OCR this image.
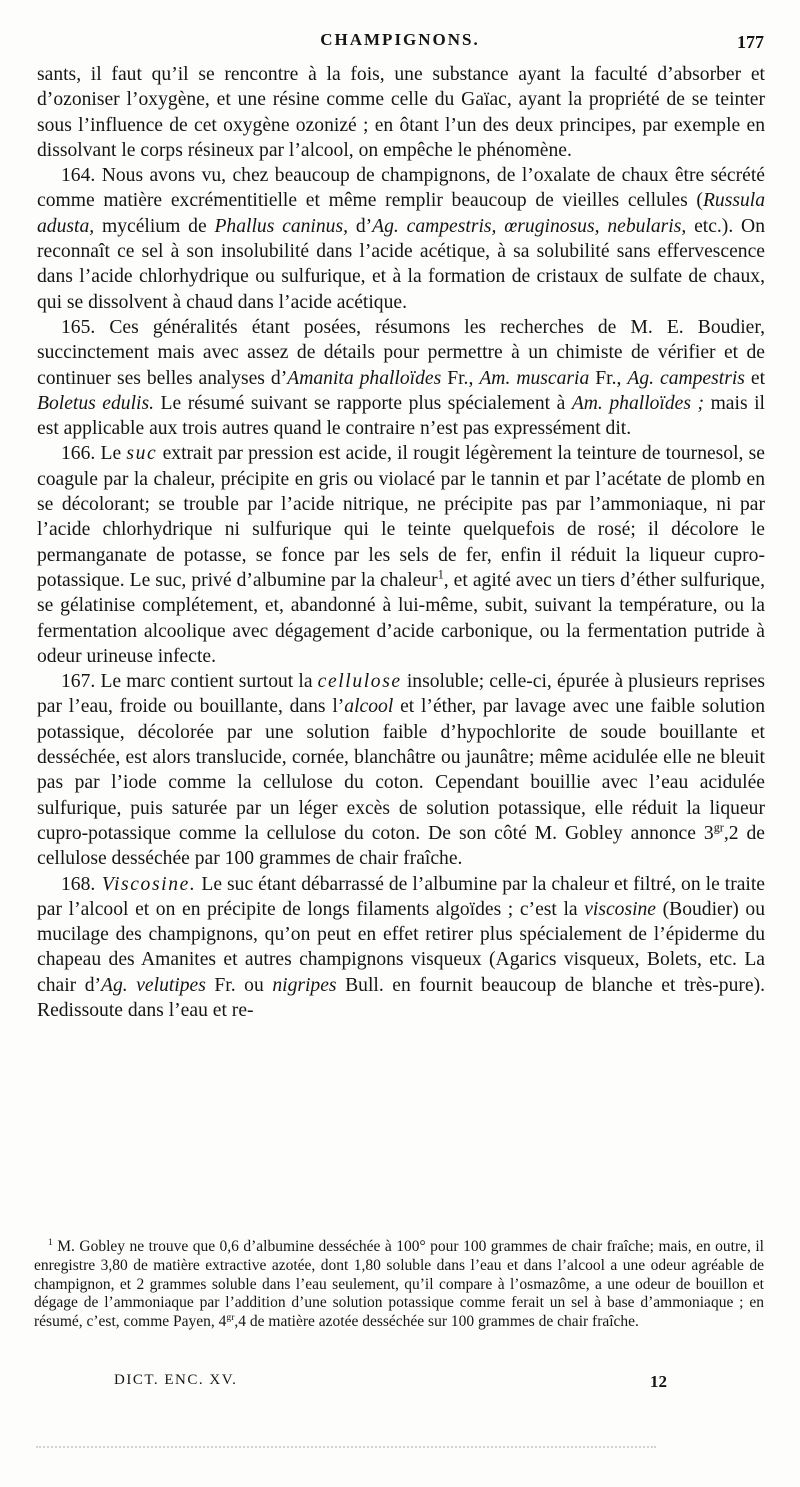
CHAMPIGNONS.	177

sants, il faut qu’il se rencontre à la fois, une substance ayant la faculté d’absorber et d’ozoniser l’oxygène, et une résine comme celle du Gaïac, ayant la propriété de se teinter sous l’influence de cet oxygène ozonizé ; en ôtant l’un des deux principes, par exemple en dissolvant le corps résineux par l’alcool, on empêche le phénomène.

164. Nous avons vu, chez beaucoup de champignons, de l’oxalate de chaux être sécrété comme matière excrémentitielle et même remplir beaucoup de vieilles cellules (Russula adusta, mycélium de Phallus caninus, d’Ag. campestris, œruginosus, nebularis, etc.). On reconnaît ce sel à son insolubilité dans l’acide acétique, à sa solubilité sans effervescence dans l’acide chlorhydrique ou sulfurique, et à la formation de cristaux de sulfate de chaux, qui se dissolvent à chaud dans l’acide acétique.

165. Ces généralités étant posées, résumons les recherches de M. E. Boudier, succinctement mais avec assez de détails pour permettre à un chimiste de vérifier et de continuer ses belles analyses d’Amanita phalloïdes Fr., Am. muscaria Fr., Ag. campestris et Boletus edulis. Le résumé suivant se rapporte plus spécialement à Am. phalloïdes ; mais il est applicable aux trois autres quand le contraire n’est pas expressément dit.

166. Le suc extrait par pression est acide, il rougit légèrement la teinture de tournesol, se coagule par la chaleur, précipite en gris ou violacé par le tannin et par l’acétate de plomb en se décolorant; se trouble par l’acide nitrique, ne précipite pas par l’ammoniaque, ni par l’acide chlorhydrique ni sulfurique qui le teinte quelquefois de rosé; il décolore le permanganate de potasse, se fonce par les sels de fer, enfin il réduit la liqueur cupro-potassique. Le suc, privé d’albumine par la chaleur$^1$, et agité avec un tiers d’éther sulfurique, se gélatinise complétement, et, abandonné à lui-même, subit, suivant la température, ou la fermentation alcoolique avec dégagement d’acide carbonique, ou la fermentation putride à odeur urineuse infecte.

167. Le marc contient surtout la cellulose insoluble; celle-ci, épurée à plusieurs reprises par l’eau, froide ou bouillante, dans l’alcool et l’éther, par lavage avec une faible solution potassique, décolorée par une solution faible d’hypochlorite de soude bouillante et desséchée, est alors translucide, cornée, blanchâtre ou jaunâtre; même acidulée elle ne bleuit pas par l’iode comme la cellulose du coton. Cependant bouillie avec l’eau acidulée sulfurique, puis saturée par un léger excès de solution potassique, elle réduit la liqueur cupro-potassique comme la cellulose du coton. De son côté M. Gobley annonce $3^{gr},2$ de cellulose desséchée par 100 grammes de chair fraîche.

168. Viscosine. Le suc étant débarrassé de l’albumine par la chaleur et filtré, on le traite par l’alcool et on en précipite de longs filaments algoïdes ; c’est la viscosine (Boudier) ou mucilage des champignons, qu’on peut en effet retirer plus spécialement de l’épiderme du chapeau des Amanites et autres champignons visqueux (Agarics visqueux, Bolets, etc. La chair d’Ag. velutipes Fr. ou nigripes Bull. en fournit beaucoup de blanche et très-pure). Redissoute dans l’eau et re-

$^1$ M. Gobley ne trouve que 0,6 d’albumine desséchée à 100° pour 100 grammes de chair fraîche; mais, en outre, il enregistre 3,80 de matière extractive azotée, dont 1,80 soluble dans l’eau et dans l’alcool a une odeur agréable de champignon, et 2 grammes soluble dans l’eau seulement, qu’il compare à l’osmazôme, a une odeur de bouillon et dégage de l’ammoniaque par l’addition d’une solution potassique comme ferait un sel à base d’ammoniaque ; en résumé, c’est, comme Payen, $4^{gr},4$ de matière azotée desséchée sur 100 grammes de chair fraîche.

DICT. ENC. XV.	12
